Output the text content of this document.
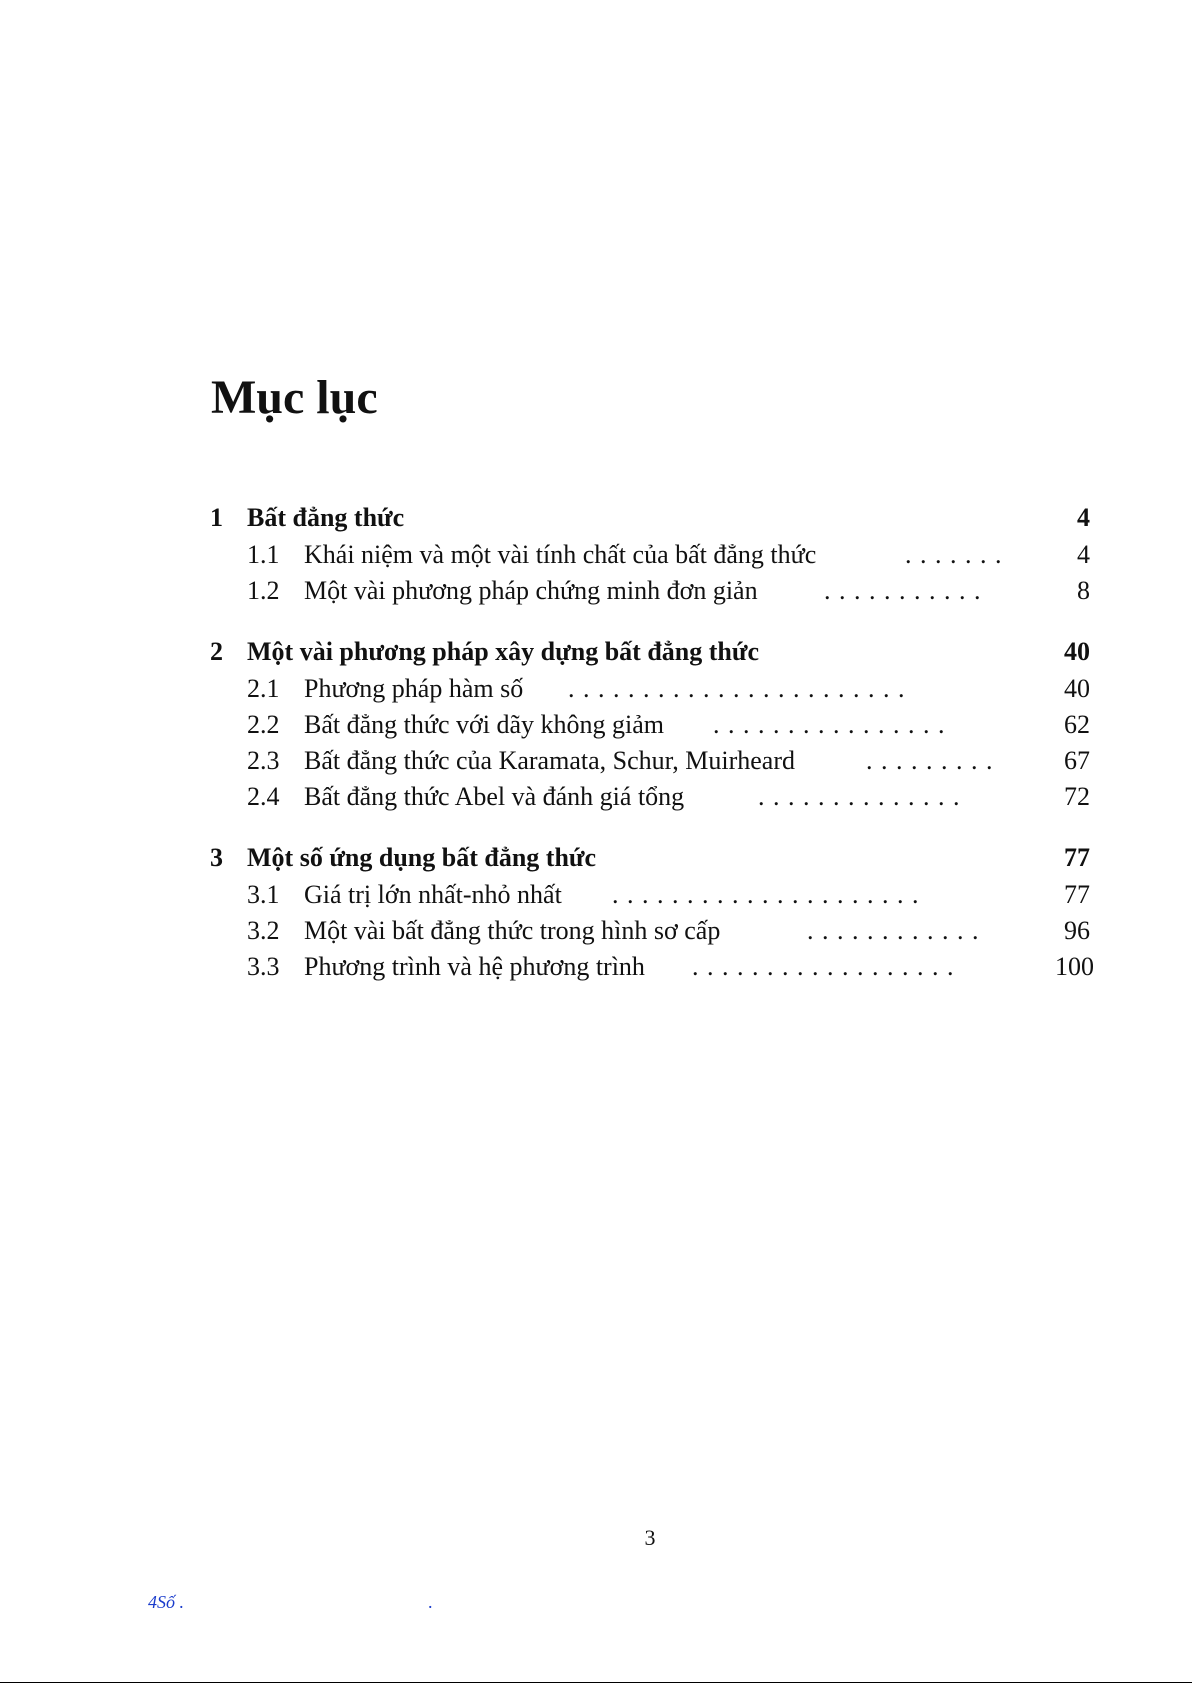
Mục lục
1 Bất đẳng thức	4
1.1 Khái niệm và một vài tính chất của bất đẳng thức	. . . . . . .	4
1.2 Một vài phương pháp chứng minh đơn giản	. . . . . . . . . . .	8
2 Một vài phương pháp xây dựng bất đẳng thức	40
2.1 Phương pháp hàm số . . . . . . . . . . . . . . . . . . . . . . .	40
2.2 Bất đẳng thức với dãy không giảm . . . . . . . . . . . . . . . .	62
2.3 Bất đẳng thức của Karamata, Schur, Muirheard	. . . . . . . . .	67
2.4 Bất đẳng thức Abel và đánh giá tổng	. . . . . . . . . . . . . .	72
3 Một số ứng dụng bất đẳng thức	77
3.1 Giá trị lớn nhất-nhỏ nhất . . . . . . . . . . . . . . . . . . . . .	77
3.2 Một vài bất đẳng thức trong hình sơ cấp	. . . . . . . . . . . .	96
3.3 Phương trình và hệ phương trình . . . . . . . . . . . . . . . . . .	100
3
4Số .	.
